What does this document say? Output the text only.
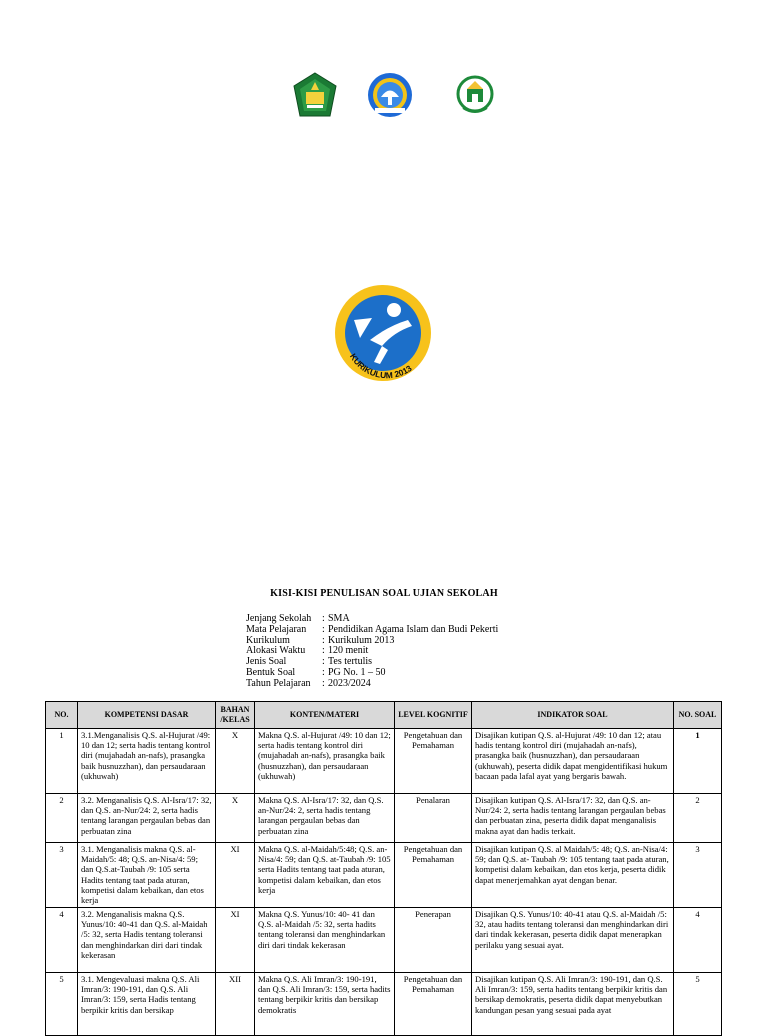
KURIKULUM 2013
KISI-KISI PENULISAN SOAL UJIAN SEKOLAH
Jenjang Sekolah	: SMA
Mata Pelajaran	: Pendidikan Agama Islam dan Budi Pekerti
Kurikulum	: Kurikulum 2013
Alokasi Waktu	: 120 menit
Jenis Soal	: Tes tertulis
Bentuk Soal	: PG No. 1 – 50
Tahun Pelajaran	: 2023/2024
NO.	KOMPETENSI DASAR	BAHAN /KELAS	KONTEN/MATERI	LEVEL KOGNITIF	INDIKATOR SOAL	NO. SOAL
1	3.1.Menganalisis Q.S. al-Hujurat /49: 10 dan 12; serta hadis tentang kontrol diri (mujahadah an-nafs), prasangka baik husnuzzhan), dan persaudaraan (ukhuwah)	X	Makna Q.S. al-Hujurat /49: 10 dan 12; serta hadis tentang kontrol diri (mujahadah an-nafs), prasangka baik (husnuzzhan), dan persaudaraan (ukhuwah)	Pengetahuan dan Pemahaman	Disajikan kutipan Q.S. al-Hujurat /49: 10 dan 12; atau hadis tentang kontrol diri (mujahadah an-nafs), prasangka baik (husnuzzhan), dan persaudaraan (ukhuwah), peserta didik dapat mengidentifikasi hukum bacaan pada lafal ayat yang bergaris bawah.	1
2	3.2. Menganalisis Q.S. Al-Isra/17: 32, dan Q.S. an-Nur/24: 2, serta hadis tentang larangan pergaulan bebas dan perbuatan zina	X	Makna Q.S. Al-Isra/17: 32, dan Q.S. an-Nur/24: 2, serta hadis tentang larangan pergaulan bebas dan perbuatan zina	Penalaran	Disajikan kutipan Q.S. Al-Isra/17: 32, dan Q.S. an-Nur/24: 2, serta hadis tentang larangan pergaulan bebas dan perbuatan zina, peserta didik dapat menganalisis makna ayat dan hadis terkait.	2
3	3.1. Menganalisis makna Q.S. al-Maidah/5: 48; Q.S. an-Nisa/4: 59; dan Q.S.at-Taubah /9: 105 serta Hadits tentang taat pada aturan, kompetisi dalam kebaikan, dan etos kerja	XI	Makna Q.S. al-Maidah/5:48; Q.S. an-Nisa/4: 59; dan Q.S. at-Taubah /9: 105 serta Hadits tentang taat pada aturan, kompetisi dalam kebaikan, dan etos kerja	Pengetahuan dan Pemahaman	Disajikan kutipan Q.S. al Maidah/5: 48; Q.S. an-Nisa/4: 59; dan Q.S. at- Taubah /9: 105 tentang taat pada aturan, kompetisi dalam kebaikan, dan etos kerja, peserta didik dapat menerjemahkan ayat dengan benar.	3
4	3.2. Menganalisis makna Q.S. Yunus/10: 40-41 dan Q.S. al-Maidah /5: 32, serta Hadis tentang toleransi dan menghindarkan diri dari tindak kekerasan	XI	Makna Q.S. Yunus/10: 40- 41 dan Q.S. al-Maidah /5: 32, serta hadits tentang toleransi dan menghindarkan diri dari tindak kekerasan	Penerapan	Disajikan Q.S. Yunus/10: 40-41 atau Q.S. al-Maidah /5: 32, atau hadits tentang toleransi dan menghindarkan diri dari tindak kekerasan, peserta didik dapat menerapkan perilaku yang sesuai ayat.	4
5	3.1. Mengevaluasi makna Q.S. Ali Imran/3: 190-191, dan Q.S. Ali Imran/3: 159, serta Hadis tentang berpikir kritis dan bersikap	XII	Makna Q.S. Ali Imran/3: 190-191, dan Q.S. Ali Imran/3: 159, serta hadits tentang berpikir kritis dan bersikap demokratis	Pengetahuan dan Pemahaman	Disajikan kutipan Q.S. Ali Imran/3: 190-191, dan Q.S. Ali Imran/3: 159, serta hadits tentang berpikir kritis dan bersikap demokratis, peserta didik dapat menyebutkan kandungan pesan yang sesuai pada ayat	5
